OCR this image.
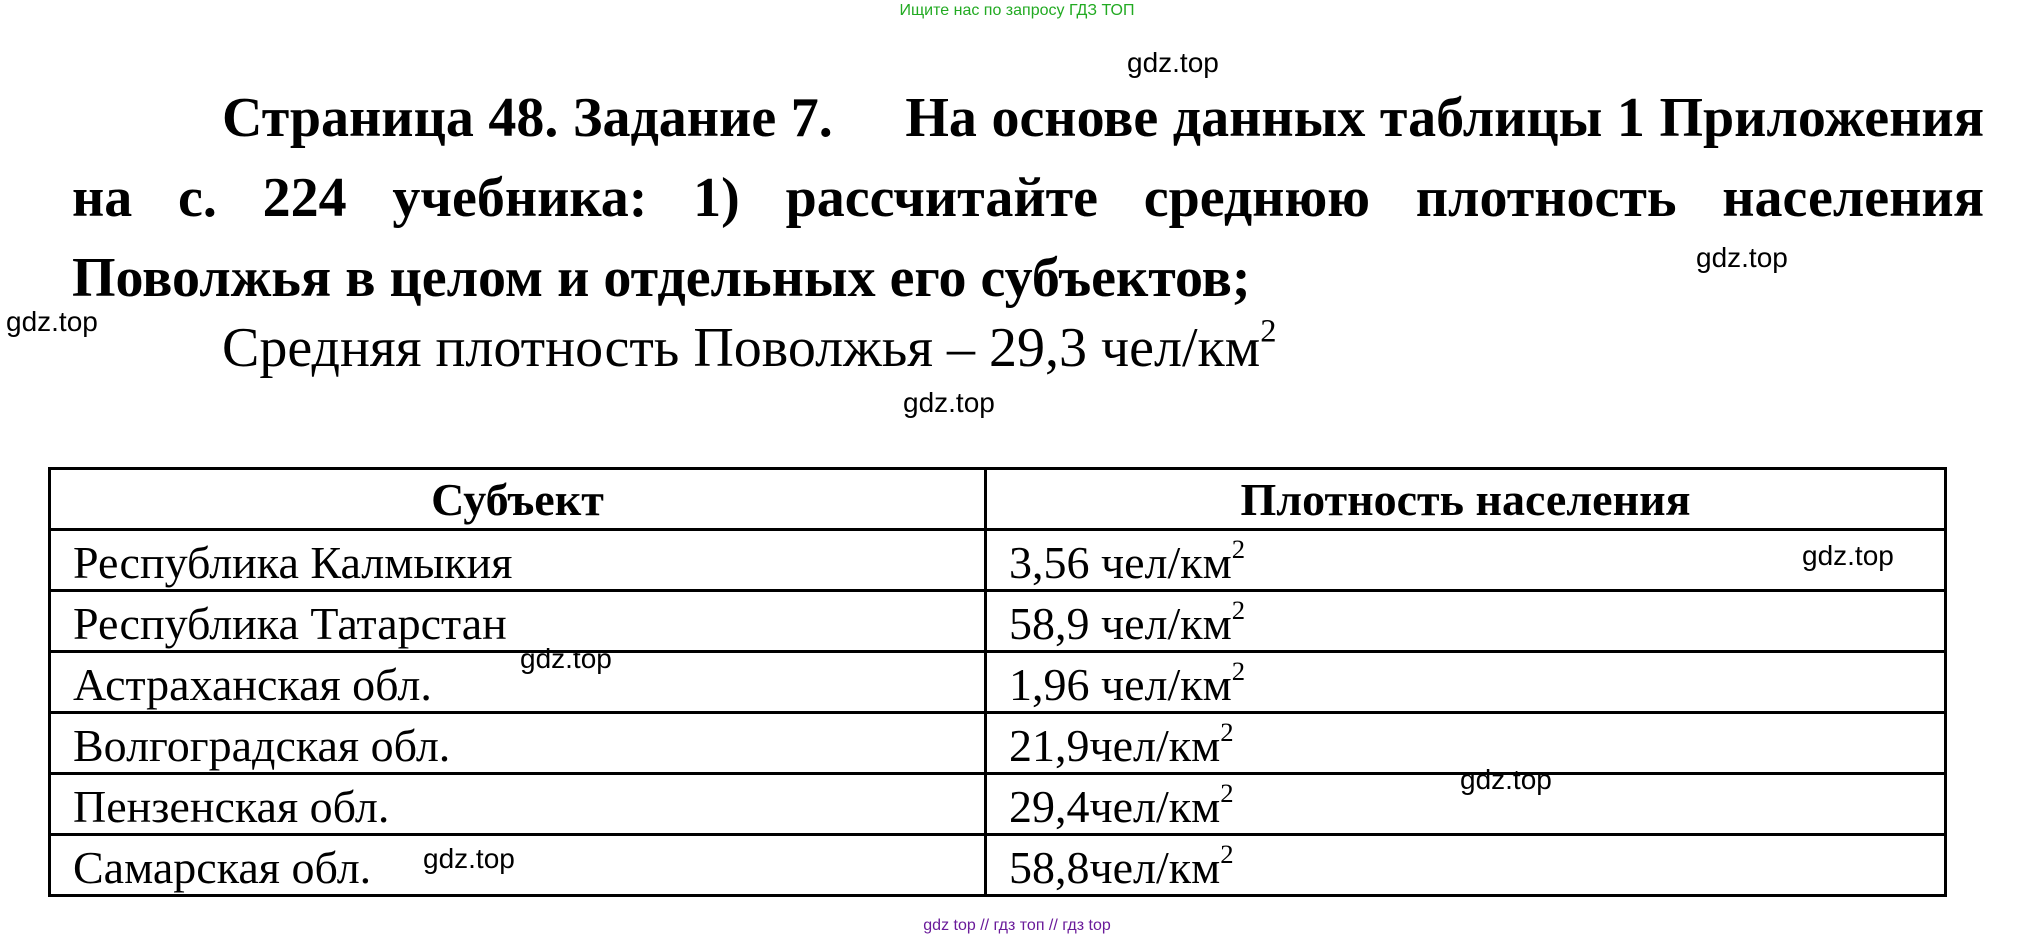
Ищите нас по запросу ГДЗ ТОП
gdz.top
gdz.top
gdz.top
gdz.top
gdz.top
gdz.top
gdz.top
gdz.top
Страница 48. Задание 7. На основе данных таблицы 1 Приложения на с. 224 учебника: 1) рассчитайте среднюю плотность населения Поволжья в целом и отдельных его субъектов;
Средняя плотность Поволжья – 29,3 чел/$км^2$
Субъект	Плотность населения
Республика Калмыкия	3,56 чел/$км^2$
Республика Татарстан	58,9 чел/$км^2$
Астраханская обл.	1,96 чел/$км^2$
Волгоградская обл.	$21,9чел/км^2$
Пензенская обл.	$29,4чел/км^2$
Самарская обл.	$58,8чел/км^2$
gdz top // гдз топ // гдз top
